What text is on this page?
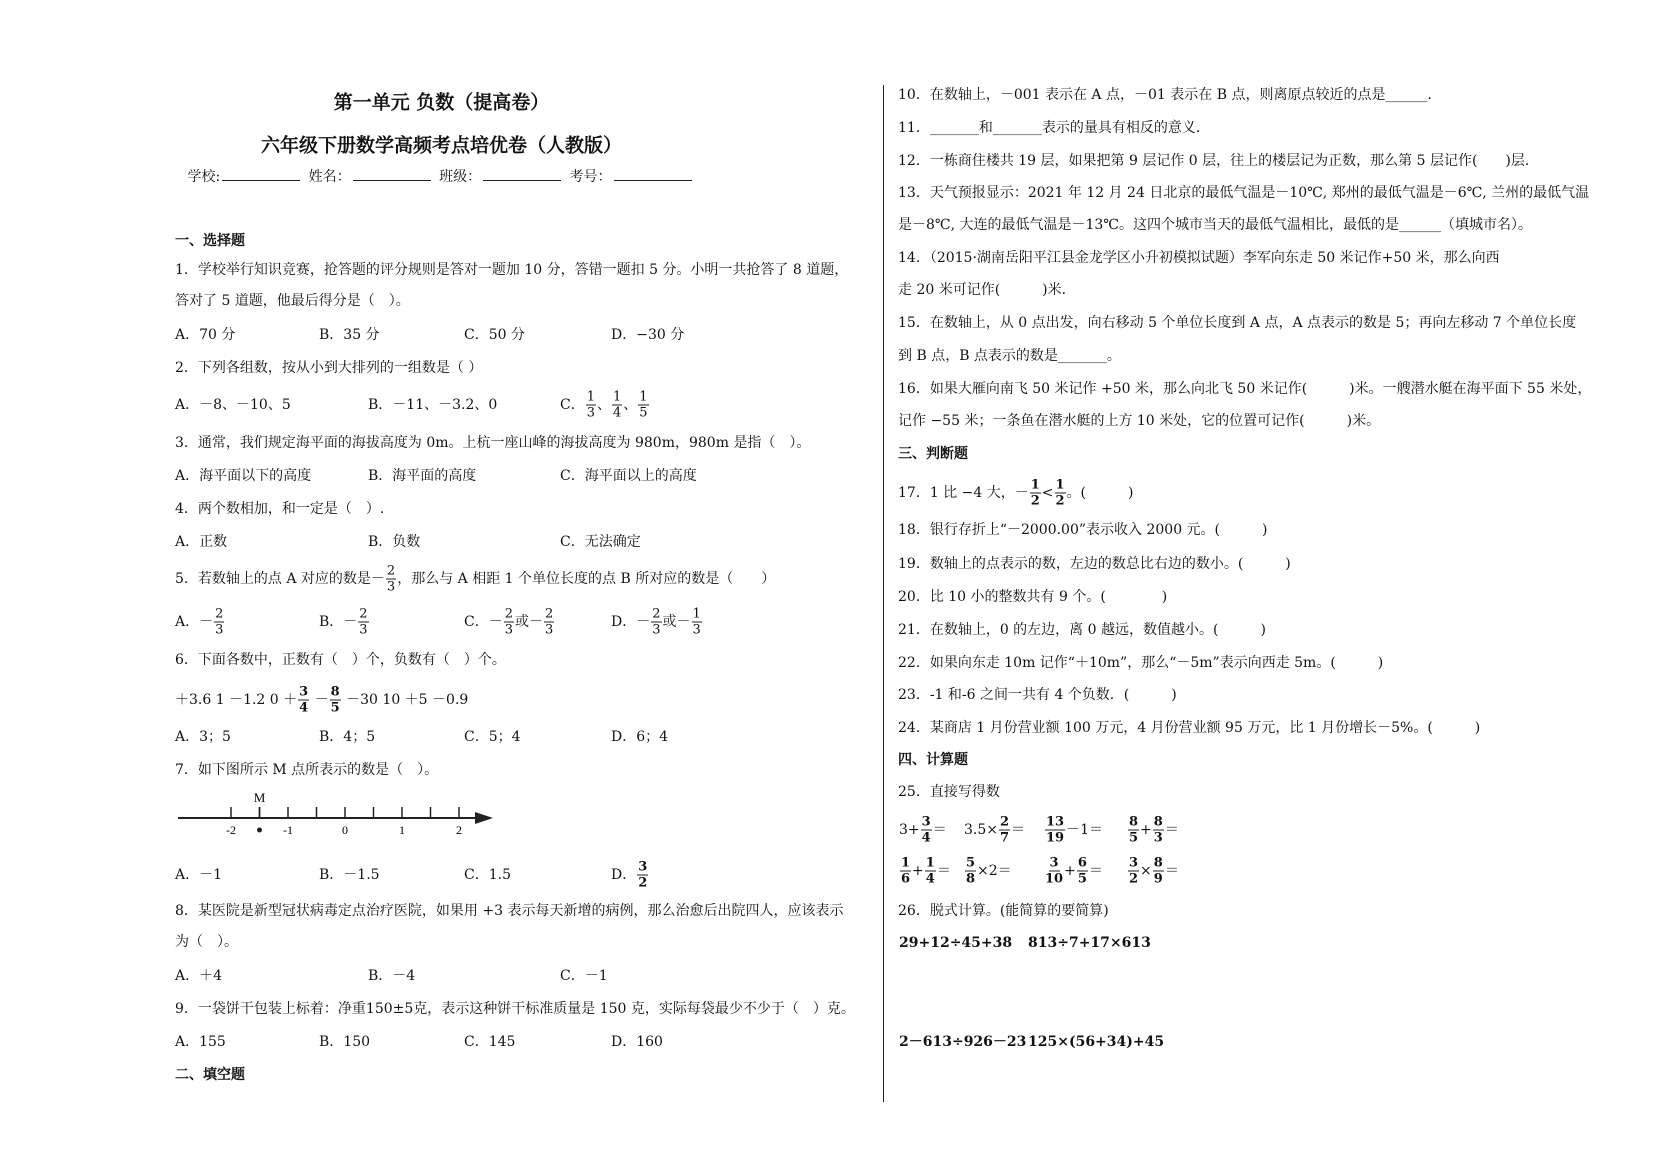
第一单元 负数（提高卷）
六年级下册数学高频考点培优卷（人教版）
学校:	姓名：	班级：	考号：
一、选择题
1．学校举行知识竞赛，抢答题的评分规则是答对一题加 10 分，答错一题扣 5 分。小明一共抢答了 8 道题，
答对了 5 道题，他最后得分是（　）。
A．70 分	B．35 分	C．50 分	D．−30 分
2．下列各组数，按从小到大排列的一组数是（ ）
A．－8、－10、5	B．－11、－3.2、0	C． $\frac{1}{3}$ 、 $\frac{1}{4}$ 、 $\frac{1}{5}$
3．通常，我们规定海平面的海拔高度为 0m。上杭一座山峰的海拔高度为 980m，980m 是指（　）。
A．海平面以下的高度	B．海平面的高度	C．海平面以上的高度
4．两个数相加，和一定是（　）.
A．正数	B．负数	C．无法确定
5．若数轴上的点 A 对应的数是－ $\frac{2}{3}$ ，那么与 A 相距 1 个单位长度的点 B 所对应的数是（　　）
A．－ $\frac{2}{3}$	B．－ $\frac{2}{3}$	C．－ $\frac{2}{3}$ 或－ $\frac{2}{3}$	D．－ $\frac{2}{3}$ 或－ $\frac{1}{3}$
6．下面各数中，正数有（　）个，负数有（　）个。
＋3.6 1 －1.2 $0 + \frac{3}{4} - \frac{8}{5} -30$ 10 ＋5 －0.9
A．3；5	B．4；5	C．5；4	D．6；4
7．如下图所示 M 点所表示的数是（　）。
M
-2	-1	0	1	2
A．－1	B．－1.5	C．1.5	D． $\frac{3}{2}$
8．某医院是新型冠状病毒定点治疗医院，如果用 +3 表示每天新增的病例，那么治愈后出院四人，应该表示
为（　）。
A．＋4	B．－4	C．－1
9．一袋饼干包装上标着：净重150±5克，表示这种饼干标准质量是 150 克，实际每袋最少不少于（　）克。
A．155	B．150	C．145	D．160
二、填空题
10．在数轴上，－001 表示在 A 点，－01 表示在 B 点，则离原点较近的点是______．
11．_______和_______表示的量具有相反的意义．
12．一栋商住楼共 19 层，如果把第 9 层记作 0 层，往上的楼层记为正数，那么第 5 层记作(　　)层．
13．天气预报显示：2021 年 12 月 24 日北京的最低气温是－10℃, 郑州的最低气温是－6℃, 兰州的最低气温
是－8℃, 大连的最低气温是－13℃。这四个城市当天的最低气温相比，最低的是______（填城市名）。
14．（2015·湖南岳阳平江县金龙学区小升初模拟试题）李军向东走 50 米记作+50 米，那么向西
走 20 米可记作(　　　)米．
15．在数轴上，从 0 点出发，向右移动 5 个单位长度到 A 点，A 点表示的数是 5；再向左移动 7 个单位长度
到 B 点，B 点表示的数是_______。
16．如果大雁向南飞 50 米记作 +50 米，那么向北飞 50 米记作(　　　)米。一艘潜水艇在海平面下 55 米处，
记作 −55 米；一条鱼在潜水艇的上方 10 米处，它的位置可记作(　　　)米。
三、判断题
17．1 比 −4 大，－ $\frac{1}{2} < \frac{1}{2}$ 。(　　　)
18．银行存折上“－2000.00”表示收入 2000 元。(　　　)
19．数轴上的点表示的数，左边的数总比右边的数小。(　　　)
20．比 10 小的整数共有 9 个。(　　　　)
21．在数轴上，0 的左边，离 0 越远，数值越小。(　　　)
22．如果向东走 10m 记作“＋10m”，那么“－5m”表示向西走 5m。(　　　)
23．-1 和-6 之间一共有 4 个负数．(　　　)
24．某商店 1 月份营业额 100 万元，4 月份营业额 95 万元，比 1 月份增长－5%。(　　　)
四、计算题
25．直接写得数
$3+ \frac{3}{4} = 3.5\times \frac{2}{7} = \frac{13}{19} -1= \frac{8}{5} + \frac{8}{3}$ ＝
$\frac{1}{6} + \frac{1}{4} = \frac{5}{8} \times 2=$	$\frac{3}{10} + \frac{6}{5} = \frac{3}{2} \times \frac{8}{9}$ ＝
26．脱式计算。(能简算的要简算)
29+12÷45+38 813÷7+17×613
2－613÷926－23 125×(56+34)+45
